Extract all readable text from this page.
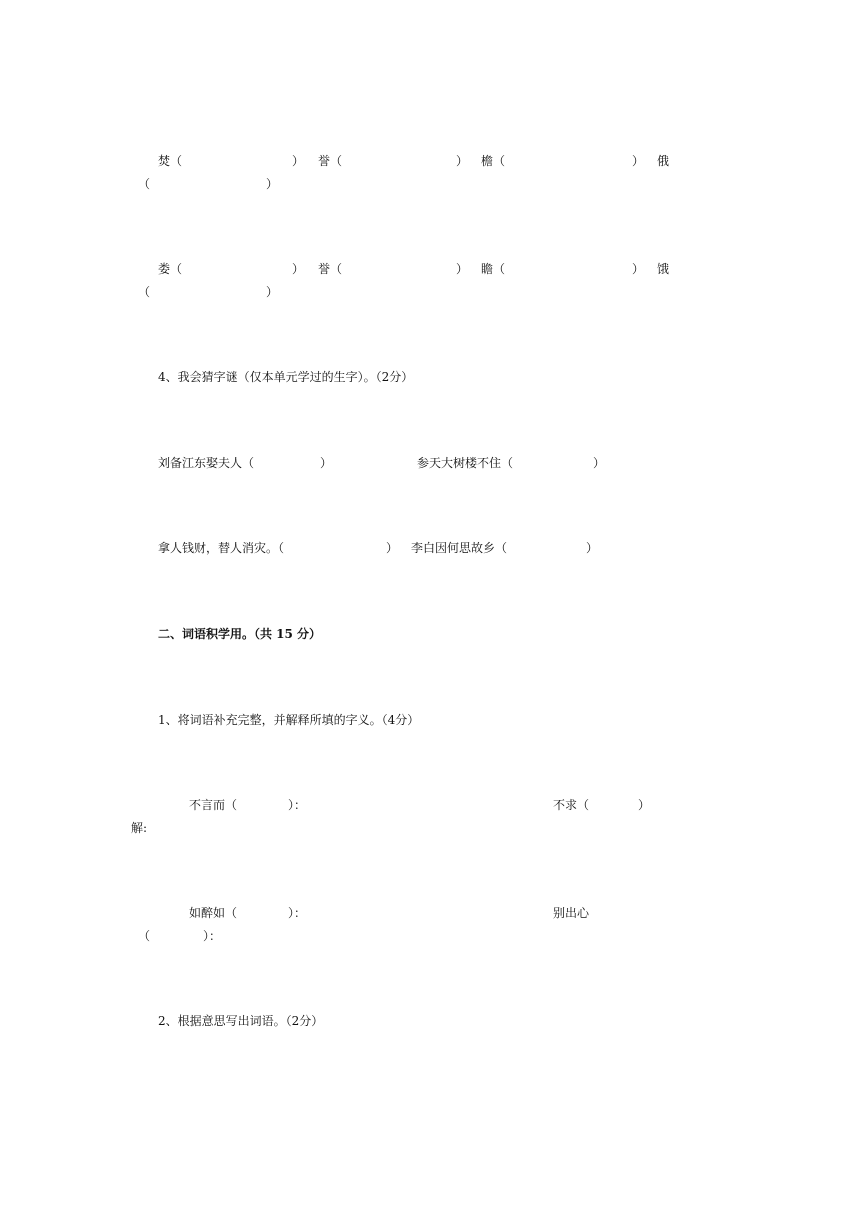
焚（	） 誉（	） 檐（	） 俄
（	）
娄（	） 誉（	） 瞻（	） 饿
（	）
4、我会猜字谜（仅本单元学过的生字）。（2分）
刘备江东娶夫人（	）	参天大树楼不住（	）
拿人钱财，替人消灾。（	） 李白因何思故乡（	）
二、词语积学用。（共 15 分）
1、将词语补充完整，并解释所填的字义。（4分）
不言而（	）：	不求（	）
解:
如醉如（	）：	别出心
（	）：
2、根据意思写出词语。（2分）
